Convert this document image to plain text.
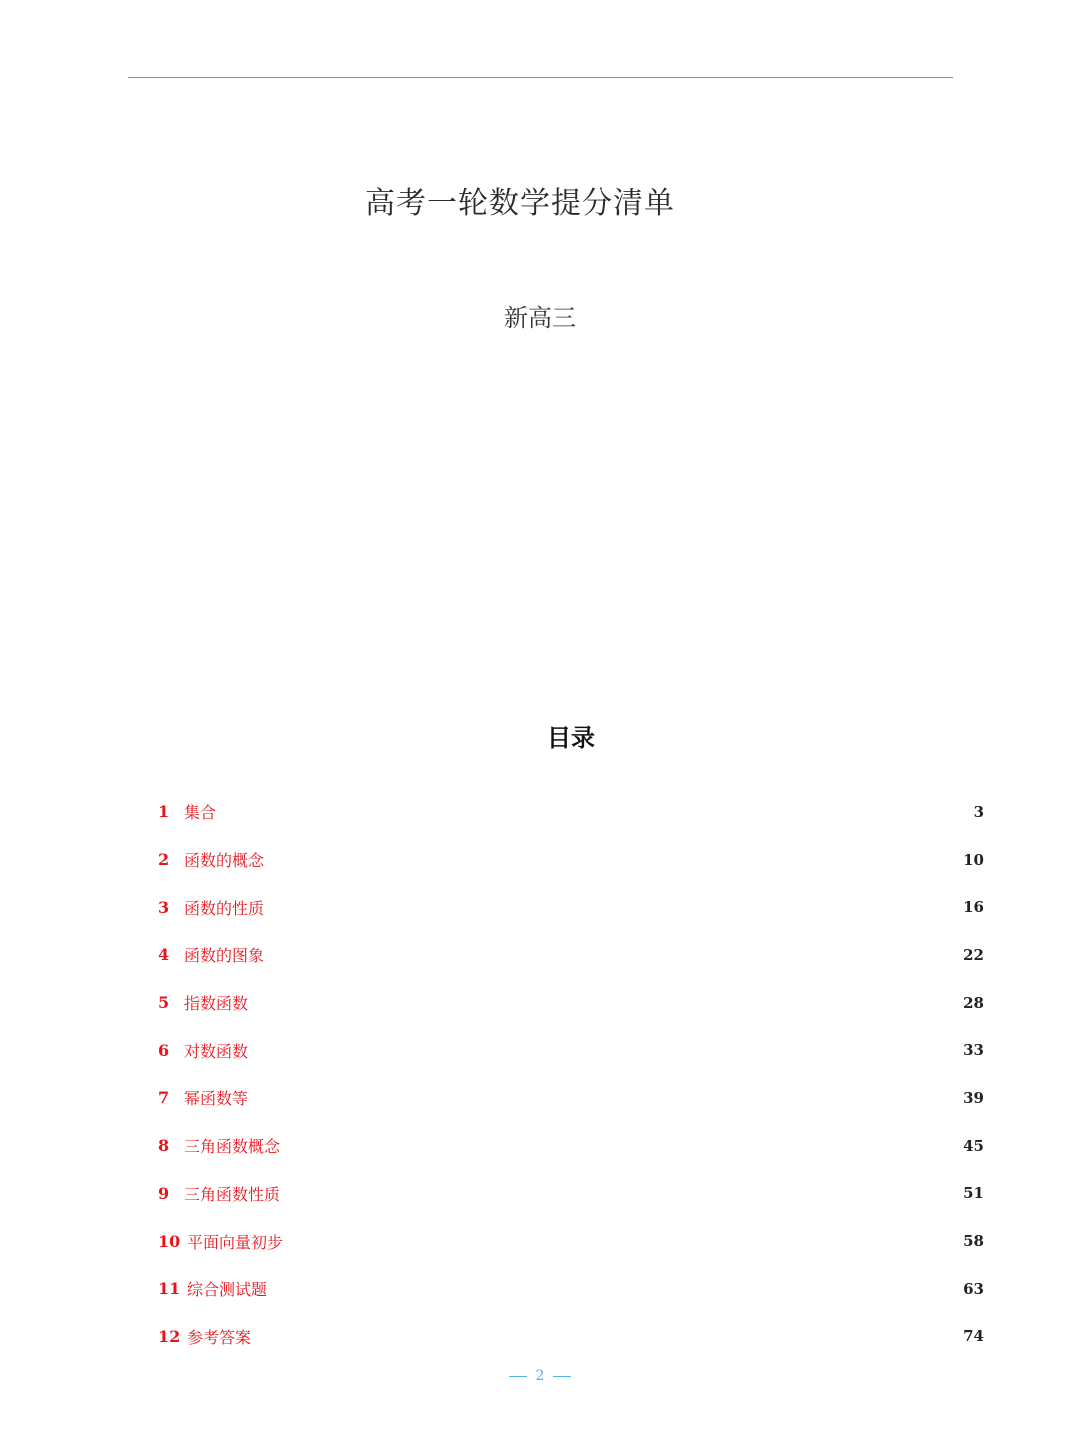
高考一轮数学提分清单
新高三
目录
1 集合	3
2 函数的概念	10
3 函数的性质	16
4 函数的图象	22
5 指数函数	28
6 对数函数	33
7 幂函数等	39
8 三角函数概念	45
9 三角函数性质	51
10 平面向量初步	58
11 综合测试题	63
12 参考答案	74
2
